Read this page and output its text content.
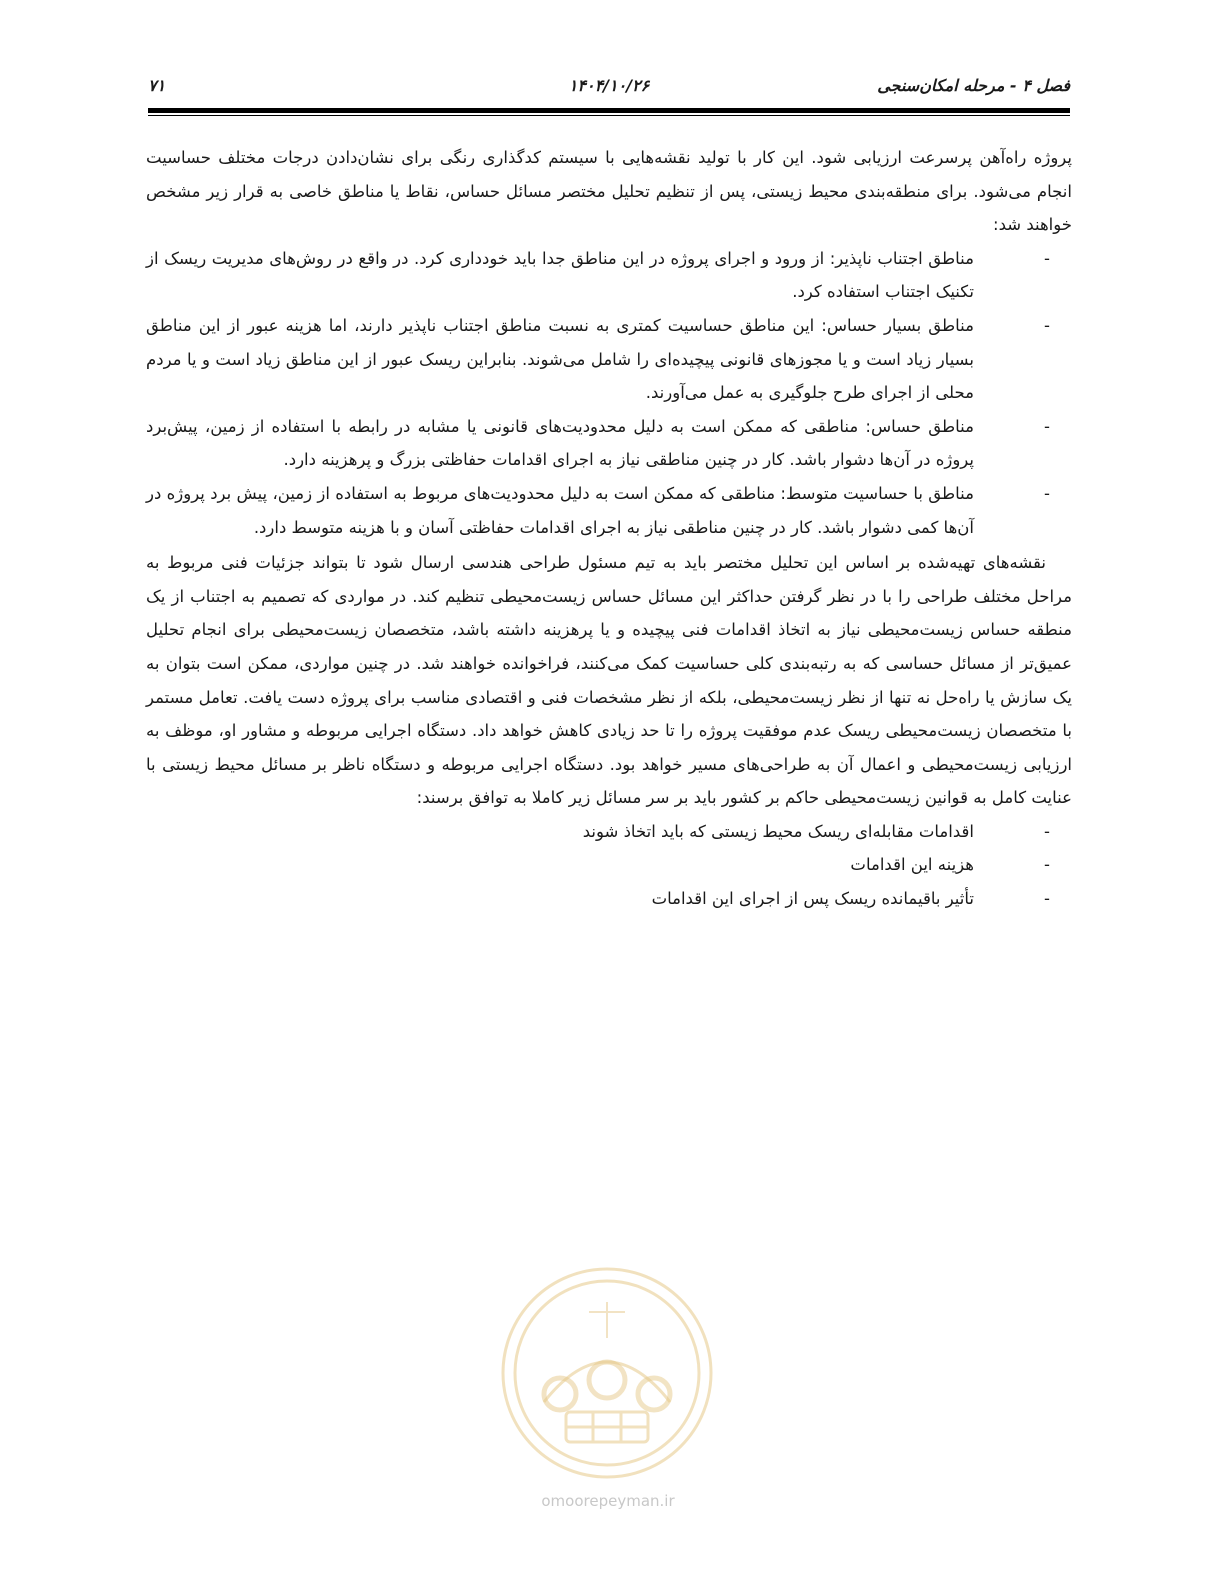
فصل ۴ - مرحله امکان‌سنجی
۱۴۰۴/۱۰/۲۶
۷۱

پروژه راه‌آهن پرسرعت ارزیابی شود. این کار با تولید نقشه‌هایی با سیستم کدگذاری رنگی برای نشان‌دادن درجات مختلف حساسیت انجام می‌شود. برای منطقه‌بندی محیط زیستی، پس از تنظیم تحلیل مختصر مسائل حساس، نقاط یا مناطق خاصی به قرار زیر مشخص خواهند شد:

-
مناطق اجتناب ناپذیر: از ورود و اجرای پروژه در این مناطق جدا باید خودداری کرد. در واقع در روش‌های مدیریت ریسک از تکنیک اجتناب استفاده کرد.
-
مناطق بسیار حساس: این مناطق حساسیت کمتری به نسبت مناطق اجتناب ناپذیر دارند، اما هزینه عبور از این مناطق بسیار زیاد است و یا مجوزهای قانونی پیچیده‌ای را شامل می‌شوند. بنابراین ریسک عبور از این مناطق زیاد است و یا مردم محلی از اجرای طرح جلوگیری به عمل می‌آورند.
-
مناطق حساس: مناطقی که ممکن است به دلیل محدودیت‌های قانونی یا مشابه در رابطه با استفاده از زمین، پیش‌برد پروژه در آن‌ها دشوار باشد. کار در چنین مناطقی نیاز به اجرای اقدامات حفاظتی بزرگ و پرهزینه دارد.
-
مناطق با حساسیت متوسط: مناطقی که ممکن است به دلیل محدودیت‌های مربوط به استفاده از زمین، پیش برد پروژه در آن‌ها کمی دشوار باشد. کار در چنین مناطقی نیاز به اجرای اقدامات حفاظتی آسان و با هزینه متوسط دارد.

نقشه‌های تهیه‌شده بر اساس این تحلیل مختصر باید به تیم مسئول طراحی هندسی ارسال شود تا بتواند جزئیات فنی مربوط به مراحل مختلف طراحی را با در نظر گرفتن حداکثر این مسائل حساس زیست‌محیطی تنظیم کند. در مواردی که تصمیم به اجتناب از یک منطقه حساس زیست‌محیطی نیاز به اتخاذ اقدامات فنی پیچیده و یا پرهزینه داشته باشد، متخصصان زیست‌محیطی برای انجام تحلیل عمیق‌تر از مسائل حساسی که به رتبه‌بندی کلی حساسیت کمک می‌کنند، فراخوانده خواهند شد. در چنین مواردی، ممکن است بتوان به یک سازش یا راه‌حل نه تنها از نظر زیست‌محیطی، بلکه از نظر مشخصات فنی و اقتصادی مناسب برای پروژه دست یافت. تعامل مستمر با متخصصان زیست‌محیطی ریسک عدم موفقیت پروژه را تا حد زیادی کاهش خواهد داد. دستگاه اجرایی مربوطه و مشاور او، موظف به ارزیابی زیست‌محیطی و اعمال آن به طراحی‌های مسیر خواهد بود. دستگاه اجرایی مربوطه و دستگاه ناظر بر مسائل محیط زیستی با عنایت کامل به قوانین زیست‌محیطی حاکم بر کشور باید بر سر مسائل زیر کاملا به توافق برسند:

-
اقدامات مقابله‌ای ریسک محیط زیستی که باید اتخاذ شوند
-
هزینه این اقدامات
-
تأثیر باقیمانده ریسک پس از اجرای این اقدامات
omoorepeyman.ir
